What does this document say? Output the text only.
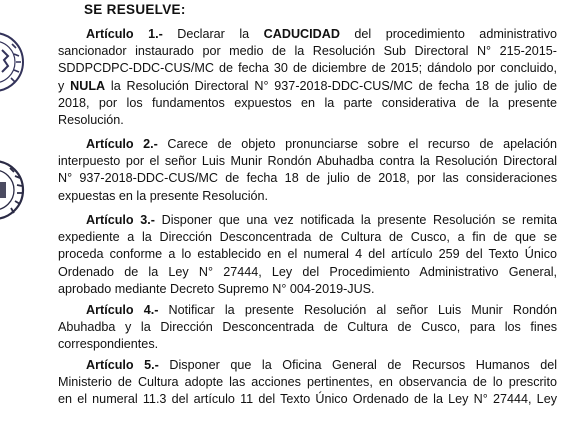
SE RESUELVE:
Artículo 1.- Declarar la CADUCIDAD del procedimiento administrativo
sancionador instaurado por medio de la Resolución Sub Directoral N° 215-2015-
SDDPCDPC-DDC-CUS/MC de fecha 30 de diciembre de 2015; dándolo por concluido,
y NULA la Resolución Directoral N° 937-2018-DDC-CUS/MC de fecha 18 de julio de
2018, por los fundamentos expuestos en la parte considerativa de la presente
Resolución.
Artículo 2.- Carece de objeto pronunciarse sobre el recurso de apelación
interpuesto por el señor Luis Munir Rondón Abuhadba contra la Resolución Directoral
N° 937-2018-DDC-CUS/MC de fecha 18 de julio de 2018, por las consideraciones
expuestas en la presente Resolución.
Artículo 3.- Disponer que una vez notificada la presente Resolución se remita
expediente a la Dirección Desconcentrada de Cultura de Cusco, a fin de que se
proceda conforme a lo establecido en el numeral 4 del artículo 259 del Texto Único
Ordenado de la Ley N° 27444, Ley del Procedimiento Administrativo General,
aprobado mediante Decreto Supremo N° 004-2019-JUS.
Artículo 4.- Notificar la presente Resolución al señor Luis Munir Rondón
Abuhadba y la Dirección Desconcentrada de Cultura de Cusco, para los fines
correspondientes.
Artículo 5.- Disponer que la Oficina General de Recursos Humanos del
Ministerio de Cultura adopte las acciones pertinentes, en observancia de lo prescrito
en el numeral 11.3 del artículo 11 del Texto Único Ordenado de la Ley N° 27444, Ley
